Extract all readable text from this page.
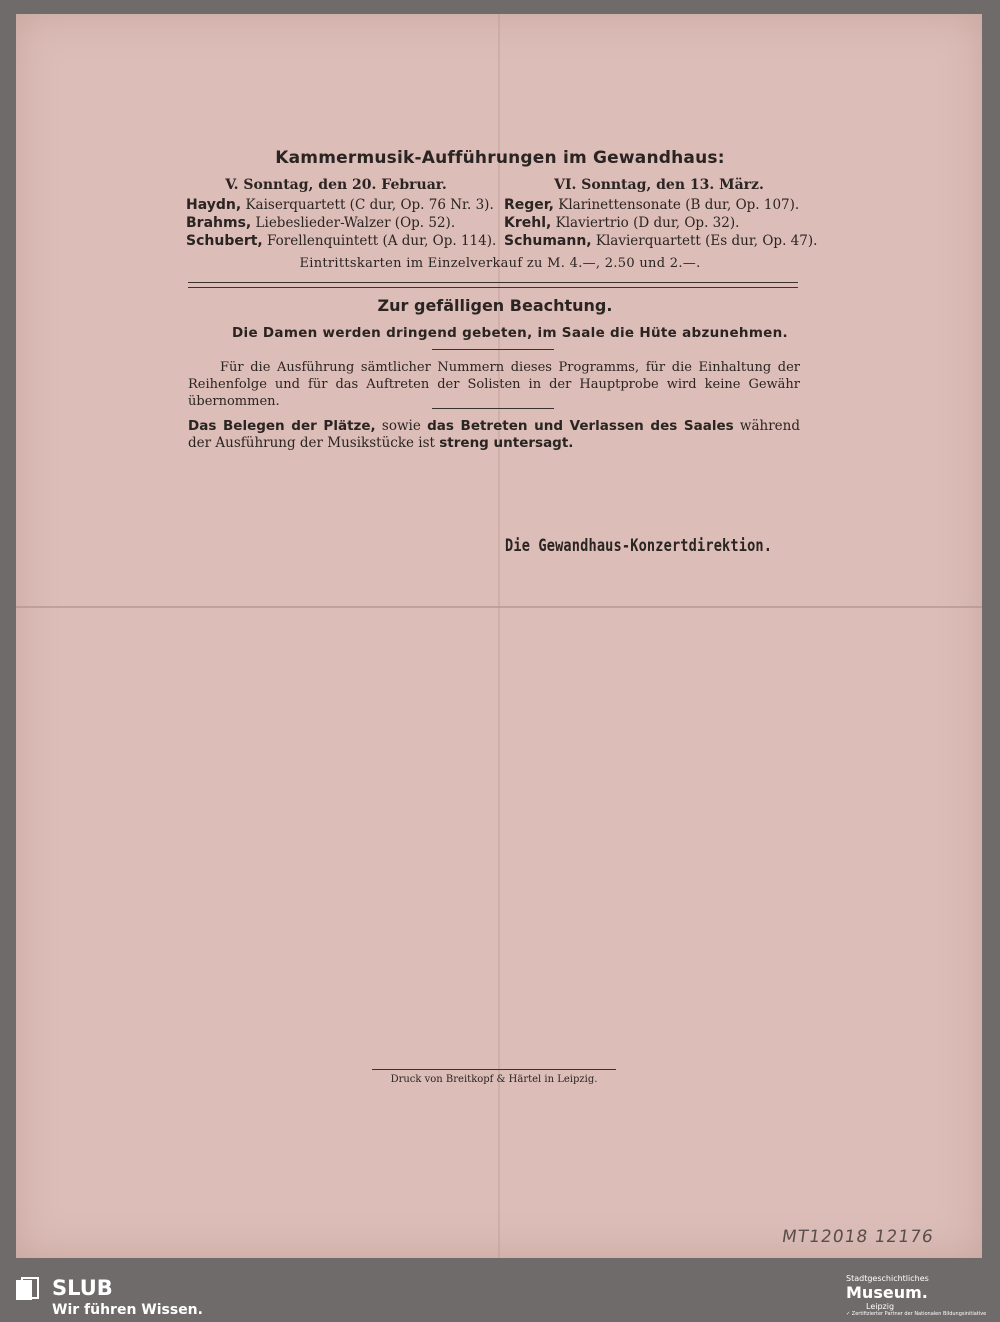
Kammermusik-Aufführungen im Gewandhaus:
V. Sonntag, den 20. Februar.
Haydn, Kaiserquartett (C dur, Op. 76 Nr. 3).
Brahms, Liebeslieder-Walzer (Op. 52).
Schubert, Forellenquintett (A dur, Op. 114).
VI. Sonntag, den 13. März.
Reger, Klarinettensonate (B dur, Op. 107).
Krehl, Klaviertrio (D dur, Op. 32).
Schumann, Klavierquartett (Es dur, Op. 47).
Eintrittskarten im Einzelverkauf zu M. 4.—, 2.50 und 2.—.
Zur gefälligen Beachtung.
Die Damen werden dringend gebeten, im Saale die Hüte abzunehmen.
Für die Ausführung sämtlicher Nummern dieses Programms, für die Einhaltung der Reihenfolge und für das Auftreten der Solisten in der Hauptprobe wird keine Gewähr übernommen.
Das Belegen der Plätze, sowie das Betreten und Verlassen des Saales während der Ausführung der Musikstücke ist streng untersagt.
Die Gewandhaus-Konzertdirektion.
Druck von Breitkopf & Härtel in Leipzig.
MT12018 12176
SLUB
Wir führen Wissen.
Stadtgeschichtliches
Museum.
Leipzig
✓ Zertifizierter Partner der Nationalen Bildungsinitiative
